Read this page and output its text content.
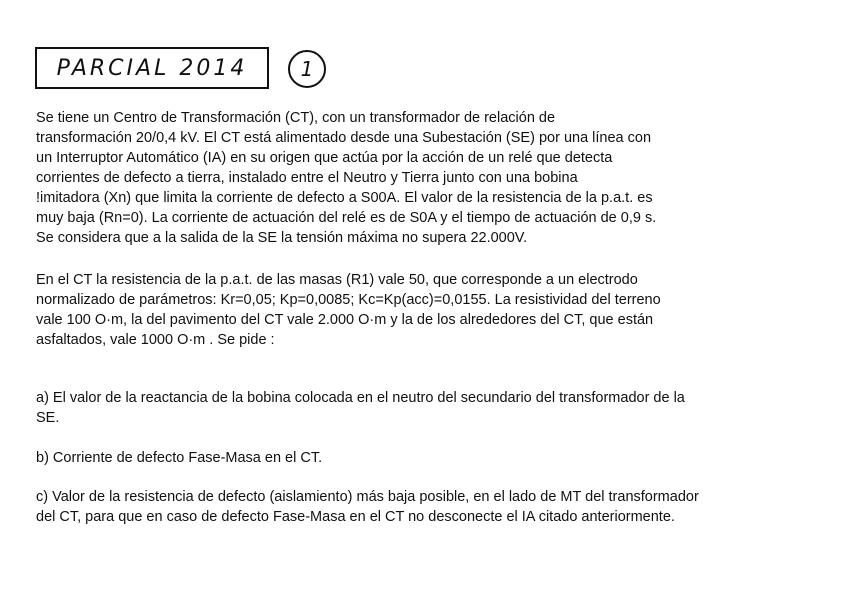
PARCIAL 2014	1

Se tiene un Centro de Transformación (CT), con un transformador de relación de
transformación 20/0,4 kV. El CT está alimentado desde una Subestación (SE) por una línea con
un Interruptor Automático (IA) en su origen que actúa por la acción de un relé que detecta
corrientes de defecto a tierra, instalado entre el Neutro y Tierra junto con una bobina
!imitadora (Xn) que limita la corriente de defecto a S00A. El valor de la resistencia de la p.a.t. es
muy baja (Rn=0). La corriente de actuación del relé es de S0A y el tiempo de actuación de 0,9 s.
Se considera que a la salida de la SE la tensión máxima no supera 22.000V.

En el CT la resistencia de la p.a.t. de las masas (R1) vale 50, que corresponde a un electrodo
normalizado de parámetros: Kr=0,05; Kp=0,0085; Kc=Kp(acc)=0,0155. La resistividad del terreno
vale 100 O·m, la del pavimento del CT vale 2.000 O·m y la de los alrededores del CT, que están
asfaltados, vale 1000 O·m . Se pide :

a) El valor de la reactancia de la bobina colocada en el neutro del secundario del transformador de la
SE.

b) Corriente de defecto Fase-Masa en el CT.

c) Valor de la resistencia de defecto (aislamiento) más baja posible, en el lado de MT del transformador
del CT, para que en caso de defecto Fase-Masa en el CT no desconecte el IA citado anteriormente.
